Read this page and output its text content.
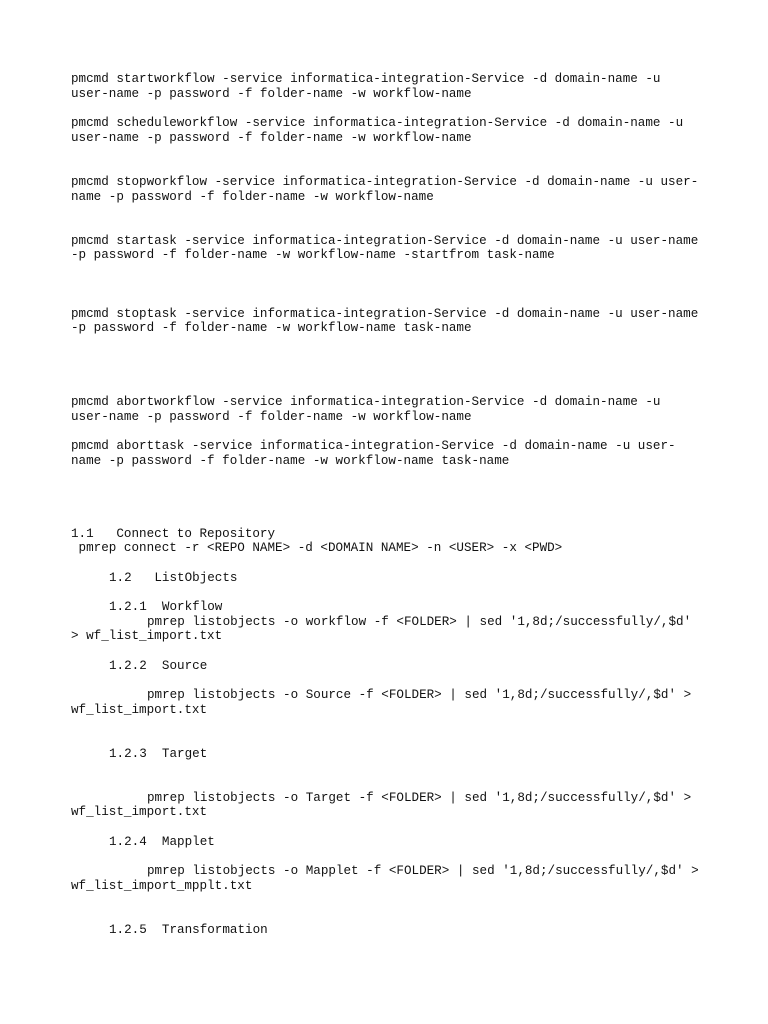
pmcmd startworkflow -service informatica-integration-Service -d domain-name -u
user-name -p password -f folder-name -w workflow-name
pmcmd scheduleworkflow -service informatica-integration-Service -d domain-name -u
user-name -p password -f folder-name -w workflow-name
pmcmd stopworkflow -service informatica-integration-Service -d domain-name -u user-
name -p password -f folder-name -w workflow-name
pmcmd startask -service informatica-integration-Service -d domain-name -u user-name
-p password -f folder-name -w workflow-name -startfrom task-name
pmcmd stoptask -service informatica-integration-Service -d domain-name -u user-name
-p password -f folder-name -w workflow-name task-name
pmcmd abortworkflow -service informatica-integration-Service -d domain-name -u
user-name -p password -f folder-name -w workflow-name
pmcmd aborttask -service informatica-integration-Service -d domain-name -u user-
name -p password -f folder-name -w workflow-name task-name
1.1   Connect to Repository
pmrep connect -r <REPO NAME> -d <DOMAIN NAME> -n <USER> -x <PWD>
1.2   ListObjects
1.2.1  Workflow
pmrep listobjects -o workflow -f <FOLDER> | sed '1,8d;/successfully/,$d'
> wf_list_import.txt
1.2.2  Source
pmrep listobjects -o Source -f <FOLDER> | sed '1,8d;/successfully/,$d' >
wf_list_import.txt
1.2.3  Target
pmrep listobjects -o Target -f <FOLDER> | sed '1,8d;/successfully/,$d' >
wf_list_import.txt
1.2.4  Mapplet
pmrep listobjects -o Mapplet -f <FOLDER> | sed '1,8d;/successfully/,$d' >
wf_list_import_mpplt.txt
1.2.5  Transformation
